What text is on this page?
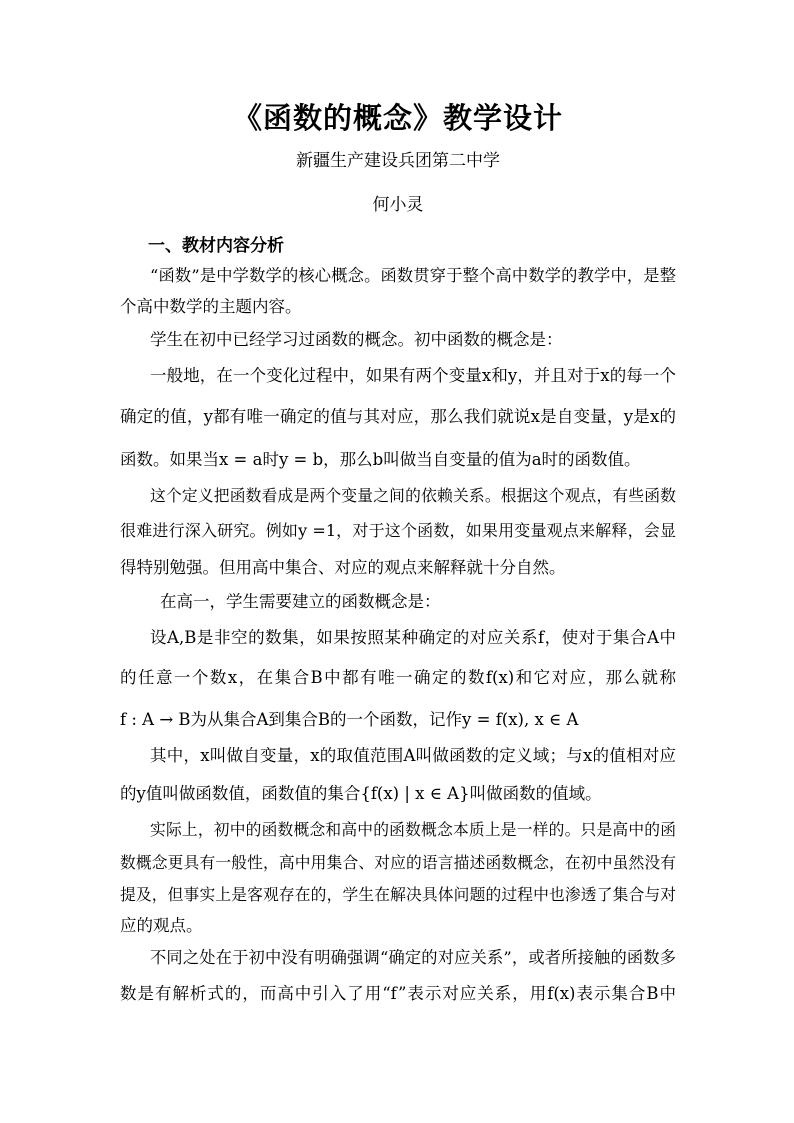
《函数的概念》教学设计
新疆生产建设兵团第二中学
何小灵
一、教材内容分析
“函数”是中学数学的核心概念。函数贯穿于整个高中数学的教学中，是整
个高中数学的主题内容。
学生在初中已经学习过函数的概念。初中函数的概念是：
一般地，在一个变化过程中，如果有两个变量x和y，并且对于x的每一个
确定的值，y都有唯一确定的值与其对应，那么我们就说x是自变量，y是x的
函数。如果当x = a时y = b，那么b叫做当自变量的值为a时的函数值。
这个定义把函数看成是两个变量之间的依赖关系。根据这个观点，有些函数
很难进行深入研究。例如y =1，对于这个函数，如果用变量观点来解释，会显
得特别勉强。但用高中集合、对应的观点来解释就十分自然。
在高一，学生需要建立的函数概念是：
设A,B是非空的数集，如果按照某种确定的对应关系f，使对于集合A中
的任意一个数x，在集合B中都有唯一确定的数f(x)和它对应，那么就称
f : A → B为从集合A到集合B的一个函数，记作y = f(x), x ∈ A
其中，x叫做自变量，x的取值范围A叫做函数的定义域；与x的值相对应
的y值叫做函数值，函数值的集合{f(x) | x ∈ A}叫做函数的值域。
实际上，初中的函数概念和高中的函数概念本质上是一样的。只是高中的函
数概念更具有一般性，高中用集合、对应的语言描述函数概念，在初中虽然没有
提及，但事实上是客观存在的，学生在解决具体问题的过程中也渗透了集合与对
应的观点。
不同之处在于初中没有明确强调“确定的对应关系”，或者所接触的函数多
数是有解析式的，而高中引入了用“f”表示对应关系，用f(x)表示集合B中
